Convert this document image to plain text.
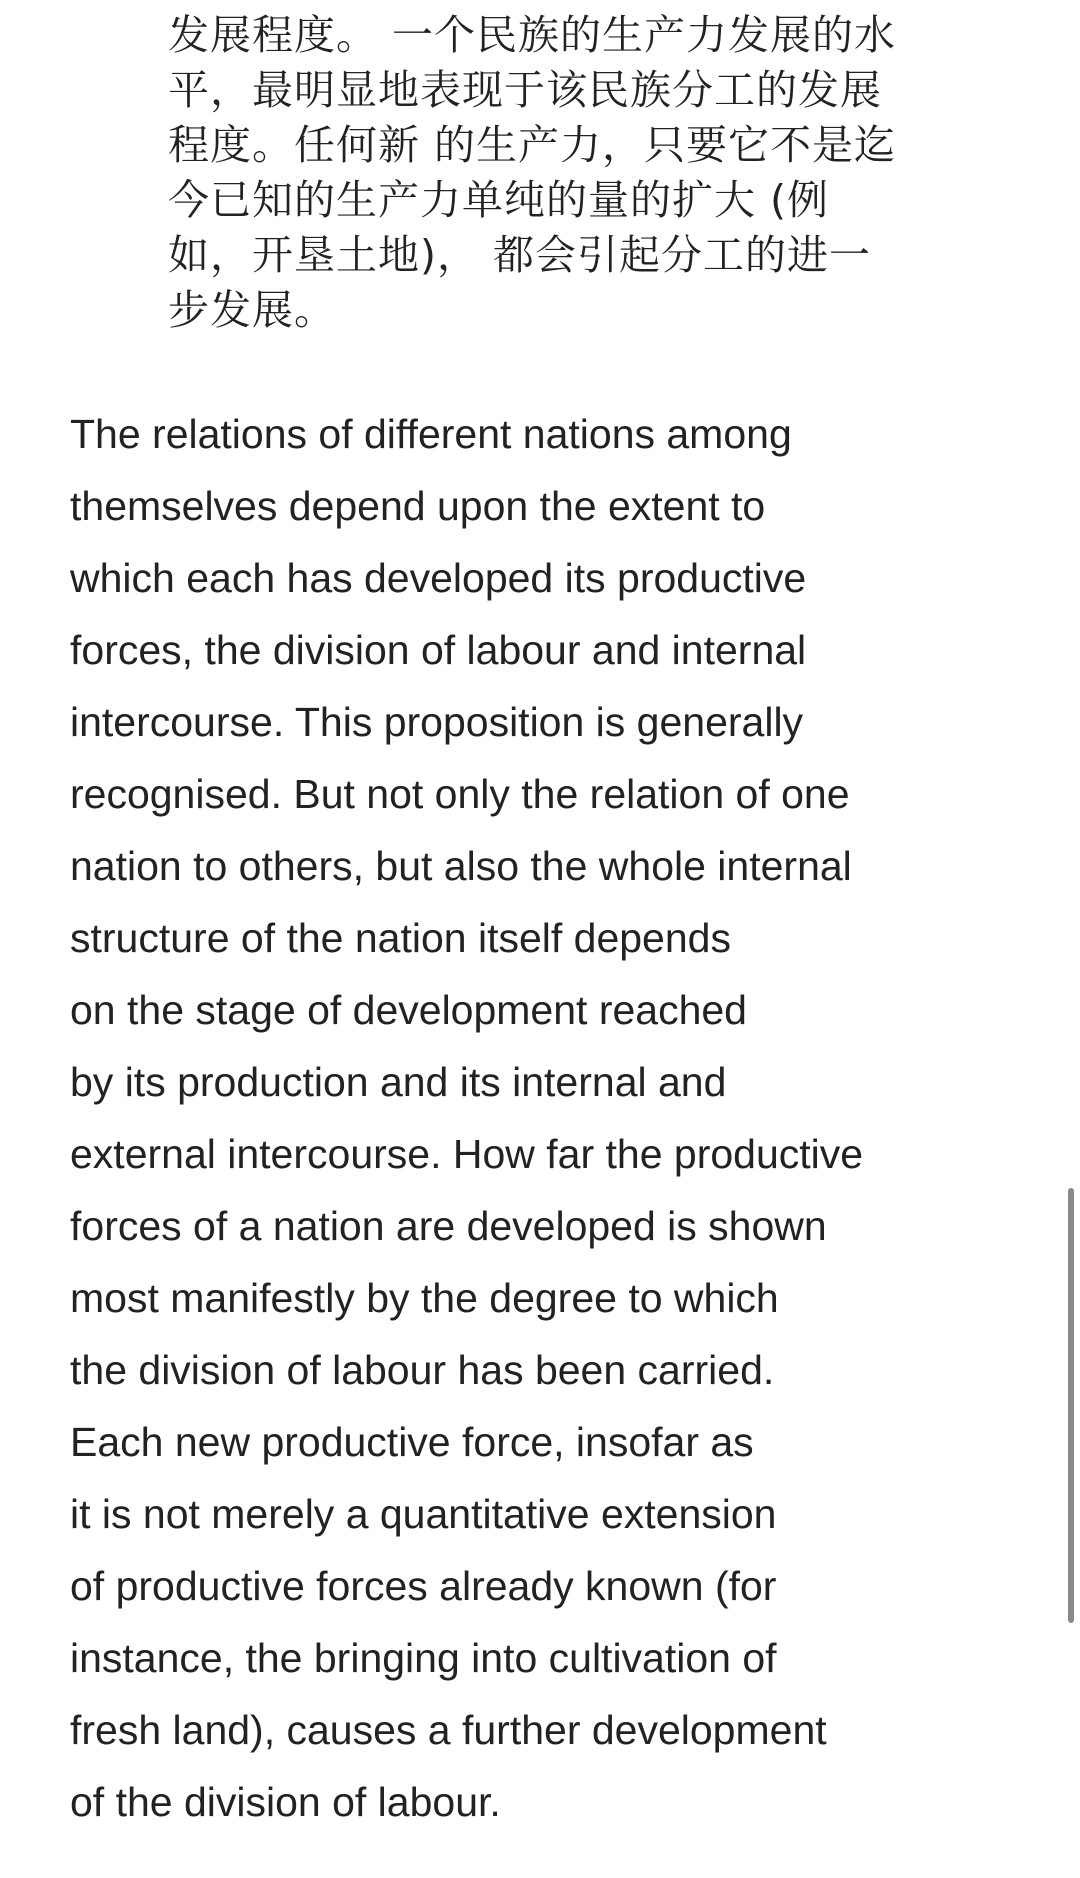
发展程度。 一个民族的生产力发展的水
平，最明显地表现于该民族分工的发展
程度。任何新 的生产力，只要它不是迄
今已知的生产力单纯的量的扩大 (例
如，开垦土地)， 都会引起分工的进一
步发展。
The relations of different nations among
themselves depend upon the extent to
which each has developed its productive
forces, the division of labour and internal
intercourse. This proposition is generally
recognised. But not only the relation of one
nation to others, but also the whole internal
structure of the nation itself depends
on the stage of development reached
by its production and its internal and
external intercourse. How far the productive
forces of a nation are developed is shown
most manifestly by the degree to which
the division of labour has been carried.
Each new productive force, insofar as
it is not merely a quantitative extension
of productive forces already known (for
instance, the bringing into cultivation of
fresh land), causes a further development
of the division of labour.
